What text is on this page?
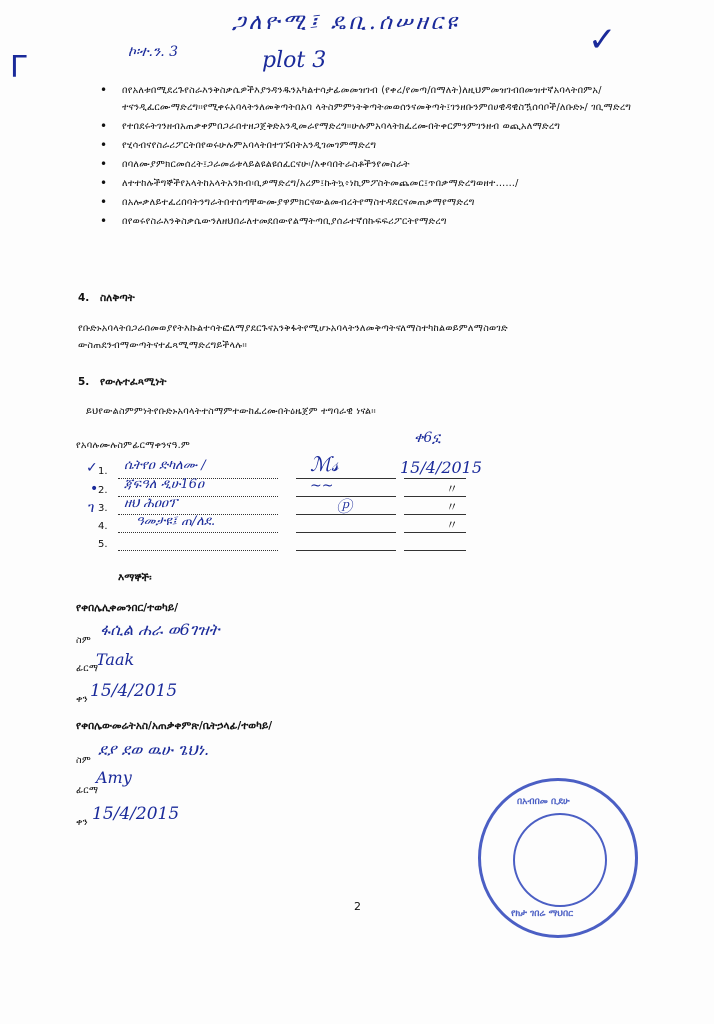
ጋለዮሚ፤ ዴቢ.ሰሠዘርዩ	✓
ᒥ	ኮ፡ተ.ን. 3	plot 3
• በየአለቱበሚደረጉየስራእንቅስቃሴዎችእያንዳንዱንአካልተሳታፊመመዝገብ (የቀረ/የመጣ/በማለት)ለዚህምመዝገብበመዝተኛአባላትበምአ/ተናንዲፈርሙማድረግ።የሚቀሩአባላትንለመቅጣትበአባ ላትስምምነትቅጣትመወሰንናመቅጣት፤ገንዘቡንምበሀዊዳዊስዃሰባቦች/ለቡድኑ/ ገቢማድረግ
• የተበደሩትገንዘብአጠቃቀምበጋራበተዘጋጀቅድአንዲመራየማድረግ።ሁሉምአባላትክፈረሙበትቀርምንምገንዘብ ወጪአለማድረግ
• የሂሳብናየስራሪፖርትበየወሩሁሉምአባላትበተገኙበትአንዲገመገምማድረግ
• በባለሙያምክርመሰረት፤ጋራመሬቱላይልዩልዩሰፈርናሁ፡/እቀባበትራስቶችንየመስራት
• ለተተከሉችግኞችየአላትከአላትአንክብ፡ቢዎማድረግ/አረም፤ኩትኳ፥ነኪምፖስትመጨመር፤ጥበቃማድረግወዘተ……/
• በአሎቃለይተፈረበባትንግራትበተሰጣቸውሙያዋምክርናውልመብረትየማስተዳደርናመጠቃማየማድረግ
• በየወሩየስራእንቅስቃሴውንለዘህበራለተመደበውየልማትጣቢያሰራተኛበኩፍፍሪፖርትየማድረግ
4. ስለቅጣት
የቡድኑአባላትበጋራበመወያየትእኩልተሳትፎለማያደርጉናአንቅፋትየሚሆኑአባላትንለመቅጣትናለማስተካከልወይምለማስወገድ ውስጠደንብማውጣትናተፈጻሚማድረግይችላሉ።
5. የውሉተፈጻሚነት
ይህየውልስምምነትየቡድኑአባላትተስማምተውከፈረሙበትዕዜጀም ተግባራዊ ነናል።
የአባሉሙሉስምፊርማቀንናዓ.ም	ቀ6ኗ
✓ 1. ሴትየዐ ድካለሙ /	ℳ𝓈	15/4/2015
• 2. ጃፍዓለ ዲሁ16ዐ	~~	〃
ገ 3. ዘህ ሕዐዐፕ	ⓟ	〃
4. ዓመታዩ፤ ጠ/ለደ.	〃
5.
እማኞች፡
የቀበሌሊቀመንበር/ተወካይ/
ስም
ፋሲል ሐራ ወ6ገዝት
ፊርማ
Taak
ቀን 15/4/2015
የቀበሌውመሬትአስ/አጠቃቀምጽ/ቤትኃላፊ/ተወካይ/
ስም
ደያ ደወ ዉሁ ጌህነ.
ፊርማ
Amy
ቀን 15/4/2015
በአብበመ ቢደሁ
የክታ ገበሬ ማህበር
2
